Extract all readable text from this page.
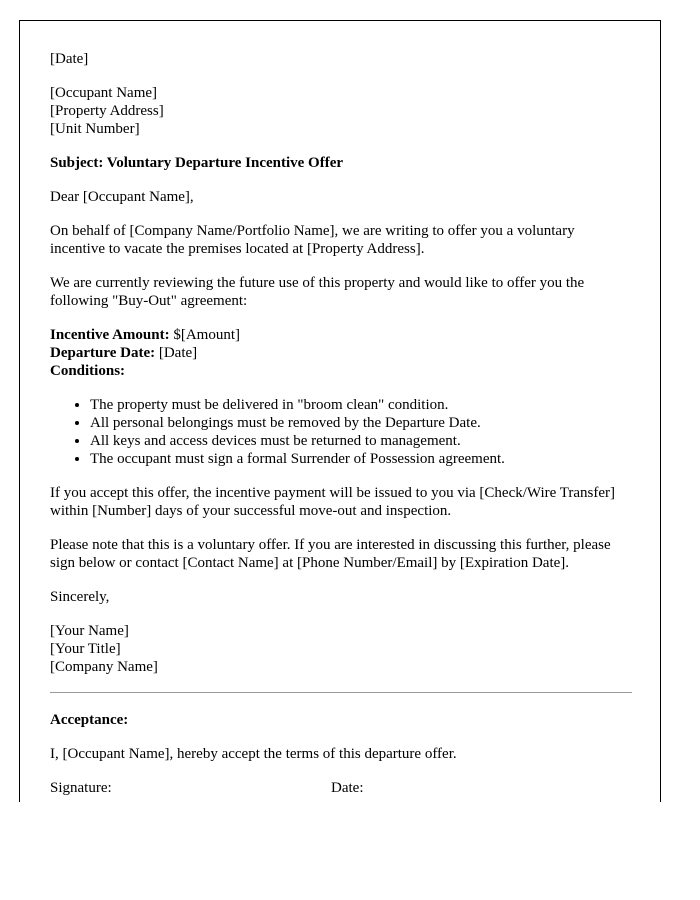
[Date]

[Occupant Name]
[Property Address]
[Unit Number]

Subject: Voluntary Departure Incentive Offer

Dear [Occupant Name],

On behalf of [Company Name/Portfolio Name], we are writing to offer you a voluntary incentive to vacate the premises located at [Property Address].

We are currently reviewing the future use of this property and would like to offer you the following "Buy-Out" agreement:

Incentive Amount: $[Amount]
Departure Date: [Date]
Conditions:

• The property must be delivered in "broom clean" condition.
• All personal belongings must be removed by the Departure Date.
• All keys and access devices must be returned to management.
• The occupant must sign a formal Surrender of Possession agreement.

If you accept this offer, the incentive payment will be issued to you via [Check/Wire Transfer] within [Number] days of your successful move-out and inspection.

Please note that this is a voluntary offer. If you are interested in discussing this further, please sign below or contact [Contact Name] at [Phone Number/Email] by [Expiration Date].

Sincerely,

[Your Name]
[Your Title]
[Company Name]

Acceptance:

I, [Occupant Name], hereby accept the terms of this departure offer.

Signature:	Date:
